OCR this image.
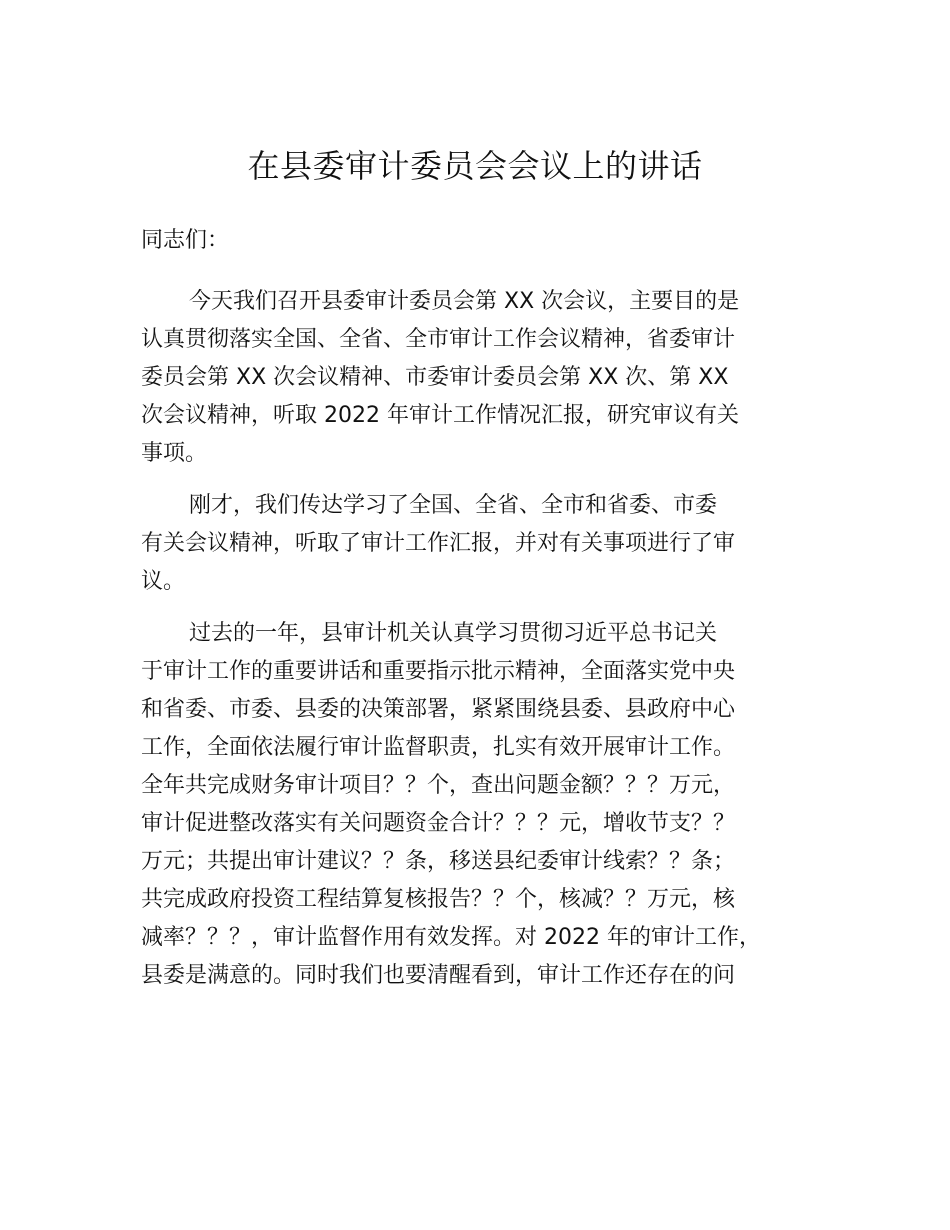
在县委审计委员会会议上的讲话

同志们：

今天我们召开县委审计委员会第 XX 次会议，主要目的是
认真贯彻落实全国、全省、全市审计工作会议精神，省委审计
委员会第 XX 次会议精神、市委审计委员会第 XX 次、第 XX
次会议精神，听取 2022 年审计工作情况汇报，研究审议有关
事项。
刚才，我们传达学习了全国、全省、全市和省委、市委
有关会议精神，听取了审计工作汇报，并对有关事项进行了审
议。
过去的一年，县审计机关认真学习贯彻习近平总书记关
于审计工作的重要讲话和重要指示批示精神，全面落实党中央
和省委、市委、县委的决策部署，紧紧围绕县委、县政府中心
工作，全面依法履行审计监督职责，扎实有效开展审计工作。
全年共完成财务审计项目？？个，查出问题金额？？？万元，
审计促进整改落实有关问题资金合计？？？元，增收节支？？
万元；共提出审计建议？？条，移送县纪委审计线索？？条；
共完成政府投资工程结算复核报告？？个，核减？？万元，核
减率？？？，审计监督作用有效发挥。对 2022 年的审计工作，
县委是满意的。同时我们也要清醒看到，审计工作还存在的问
